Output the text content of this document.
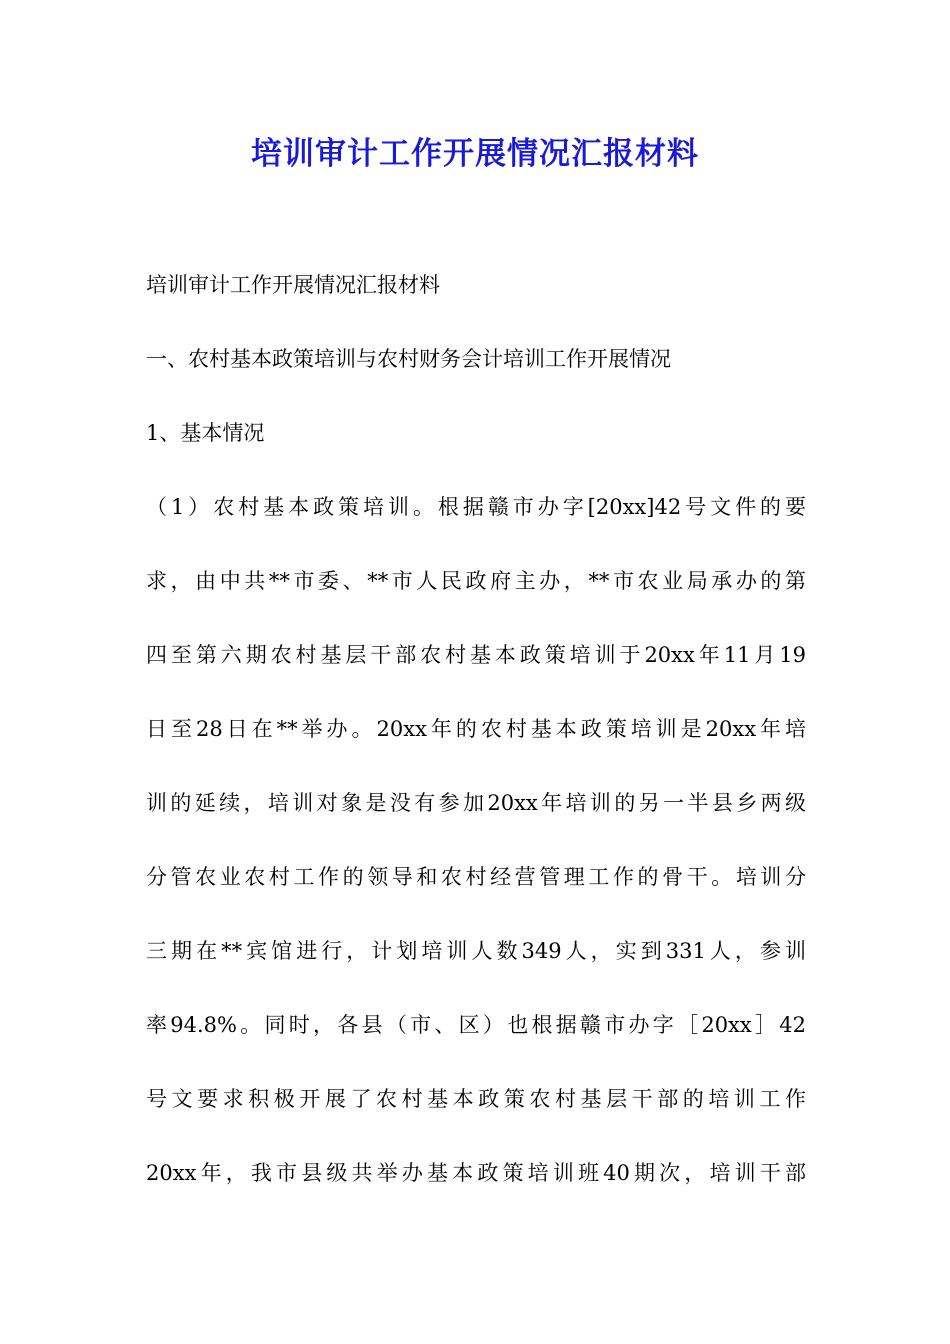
培训审计工作开展情况汇报材料
培训审计工作开展情况汇报材料
一、农村基本政策培训与农村财务会计培训工作开展情况
1、基本情况
（1）农村基本政策培训。根据赣市办字[20xx]42号文件的要
求，由中共**市委、**市人民政府主办，**市农业局承办的第
四至第六期农村基层干部农村基本政策培训于20xx年11月19
日至28日在**举办。20xx年的农村基本政策培训是20xx年培
训的延续，培训对象是没有参加20xx年培训的另一半县乡两级
分管农业农村工作的领导和农村经营管理工作的骨干。培训分
三期在**宾馆进行，计划培训人数349人，实到331人，参训
率94.8%。同时，各县（市、区）也根据赣市办字［20xx］42
号文要求积极开展了农村基本政策农村基层干部的培训工作
20xx年，我市县级共举办基本政策培训班40期次，培训干部
